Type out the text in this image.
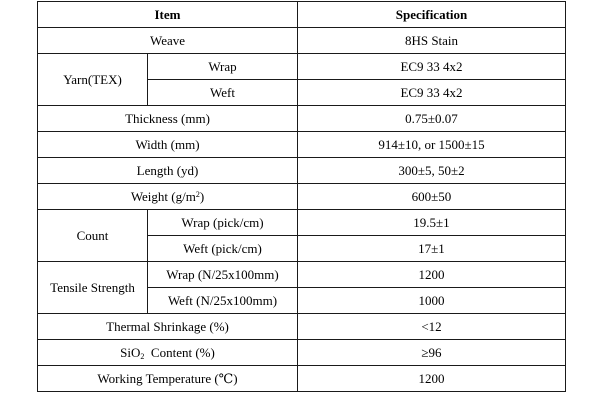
Item		Specification
Weave		8HS Stain
Yarn(TEX)	Wrap	EC9 33 4x2
	Weft	EC9 33 4x2
Thickness (mm)		0.75±0.07
Width (mm)		914±10, or 1500±15
Length (yd)		300±5, 50±2
Weight $(g/m^2)$		600±50
Count	Wrap (pick/cm)	19.5±1
	Weft (pick/cm)	17±1
Tensile Strength	Wrap (N/25x100mm)	1200
	Weft (N/25x100mm)	1000
Thermal Shrinkage (%)		<12
SiO$_2$  Content (%)		≥96
Working Temperature (℃)		1200
